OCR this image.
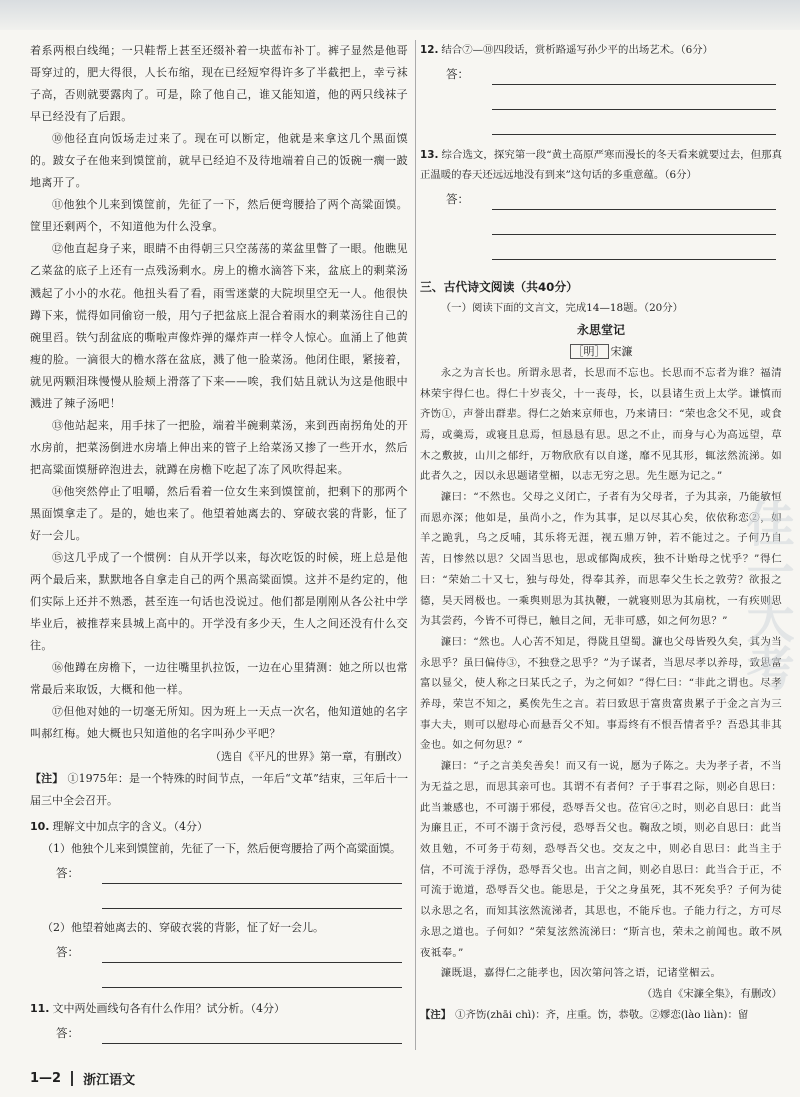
着系两根白线绳；一只鞋帮上甚至还缀补着一块蓝布补丁。裤子显然是他哥哥穿过的，肥大得很，人长布缩，现在已经短窄得许多了半截把上，幸亏袜子高，否则就要露肉了。可是，除了他自己，谁又能知道，他的两只线袜子早已经没有了后跟。

⑩他径直向饭场走过来了。现在可以断定，他就是来拿这几个黑面馍的。跛女子在他来到馍筐前，就早已经迫不及待地端着自己的饭碗一瘸一跛地离开了。

⑪他独个儿来到馍筐前，先征了一下，然后便弯腰拾了两个高粱面馍。筐里还剩两个，不知道他为什么没拿。

⑫他直起身子来，眼睛不由得朝三只空荡荡的菜盆里瞥了一眼。他瞧见乙菜盆的底子上还有一点残汤剩水。房上的檐水滴答下来，盆底上的剩菜汤溅起了小小的水花。他扭头看了看，雨雪迷蒙的大院坝里空无一人。他很快蹲下来，慌得如同偷窃一般，用勺子把盆底上混合着雨水的剩菜汤往自己的碗里舀。铁勺刮盆底的嘶啦声像炸弹的爆炸声一样令人惊心。血涌上了他黄瘦的脸。一滴很大的檐水落在盆底，溅了他一脸菜汤。他闭住眼，紧接着，就见两颗泪珠慢慢从脸颊上滑落了下来——唉，我们姑且就认为这是他眼中溅进了辣子汤吧！

⑬他站起来，用手抹了一把脸，端着半碗剩菜汤，来到西南拐角处的开水房前，把菜汤倒进水房墙上伸出来的管子上给菜汤又掺了一些开水，然后把高粱面馍掰碎泡进去，就蹲在房檐下吃起了冻了风吹得起来。

⑭他突然停止了咀嚼，然后看着一位女生来到馍筐前，把剩下的那两个黑面馍拿走了。是的，她也来了。他望着她离去的、穿破衣裳的背影，怔了好一会儿。

⑮这几乎成了一个惯例：自从开学以来，每次吃饭的时候，班上总是他两个最后来，默默地各自拿走自己的两个黑高粱面馍。这并不是约定的，他们实际上还并不熟悉，甚至连一句话也没说过。他们都是刚刚从各公社中学毕业后，被推荐来县城上高中的。开学没有多少天，生人之间还没有什么交往。

⑯他蹲在房檐下，一边往嘴里扒拉饭，一边在心里猜测：她之所以也常常最后来取饭，大概和他一样。

⑰但他对她的一切毫无所知。因为班上一天点一次名，他知道她的名字叫郝红梅。她大概也只知道他的名字叫孙少平吧？

（选自《平凡的世界》第一章，有删改）

【注】 ①1975年：是一个特殊的时间节点，一年后“文革”结束，三年后十一届三中全会召开。

10. 理解文中加点字的含义。（4分）
（1）他独个儿来到馍筐前，先征了一下，然后便弯腰拾了两个高粱面馍。
答：
（2）他望着她离去的、穿破衣裳的背影，怔了好一会儿。
答：
11. 文中两处画线句各有什么作用？试分析。（4分）
答：
12. 结合⑦—⑩四段话，赏析路遥写孙少平的出场艺术。（6分）
答：
13. 综合选文，探究第一段“黄土高原严寒而漫长的冬天看来就要过去，但那真正温暖的春天还远远地没有到来”这句话的多重意蕴。（6分）
答：
三、古代诗文阅读（共40分）
（一）阅读下面的文言文，完成14—18题。（20分）
永思堂记
［明］ 宋濂

永之为言长也。所谓永思者，长思而不忘也。长思而不忘者为谁？福清林荣宇得仁也。得仁十岁丧父，十一丧母，长，以县诸生贡上太学。谦慎而齐饬①，声誉出群辈。得仁之始来京师也，乃来请曰：“荣也念父不见，或食焉，或羹焉，或寝且息焉，恒恳恳有思。思之不止，而身与心为高远望，草木之敷披，山川之郁纡，万物欣欣有以自遂，靡不见其形，辄泫然流涕。如此者久之，因以永思题诸堂楣，以志无穷之思。先生愿为记之。”

濂曰：“不然也。父母之义闭亡，子者有为父母者，子为其亲，乃能敏恒而恩亦深；他如是，虽尚小之，作为其事，足以尽其心矣，依依称恋②，如羊之跪乳，乌之反哺，其乐将无涯，视五鼎万钟，若不能过之。子何乃自苦，日惨然以思？父固当思也，思或郁陶成疾，独不计贻母之忧乎？”得仁曰：“荣始二十又七，独与母处，得奉其养，而思奉父生长之敦劳？欲报之德，昊天罔极也。一乘舆则思为其执鞭，一就寝则思为其扇枕，一有疾则思为其尝药，今皆不可得已，触目之间，无非可感，如之何勿思？”

濂曰：“然也。人心苦不知足，得陇且望蜀。濂也父母皆殁久矣，其为当永思乎？虽曰偏侍③，不独登之思乎？”为子谋者，当思尽孝以养母，致思富富以显父，使人称之曰某氏之子，为之何如？”得仁曰：“非此之谓也。尽孝养母，荣岂不知之，奚俟先生之言。若曰致思于富贵富贵累子于金之言为三事大夫，则可以慰母心而悬吾父不知。事焉终有不恨吾情者乎？吾恐其非其金也。如之何勿思？”

濂曰：“子之言美矣善矣！而又有一说，愿为子陈之。夫为孝子者，不当为无益之思，而思其亲可也。其谓不有者何？子于事君之际，则必自思曰：此当兼感也，不可溺于邪侵，恐辱吾父也。莅官④之时，则必自思曰：此当为廉且正，不可不溺于贪污侵，恐辱吾父也。鞠敌之顷，则必自思曰：此当效且勉，不可务于苟刻，恐辱吾父也。交友之中，则必自思曰：此当主于信，不可流于浮伪，恐辱吾父也。出言之间，则必自思曰：此当合于正，不可流于诡道，恐辱吾父也。能思是，于父之身虽死，其不死矣乎？子何为徒以永思之名，而知其泫然流涕者，其思也，不能斥也。子能力行之，方可尽永思之道也。子何如？”荣复泫然流涕曰：“斯言也，荣未之前闻也。敢不夙夜祗奉。”

濂既退，嘉得仁之能孝也，因次第问答之语，记诸堂楣云。

（选自《宋濂全集》，有删改）

【注】 ①齐饬(zhāi chì)：齐，庄重。饬，恭敬。②嫪恋(lào liàn)：留

佳一大考
1—2	浙江语文
